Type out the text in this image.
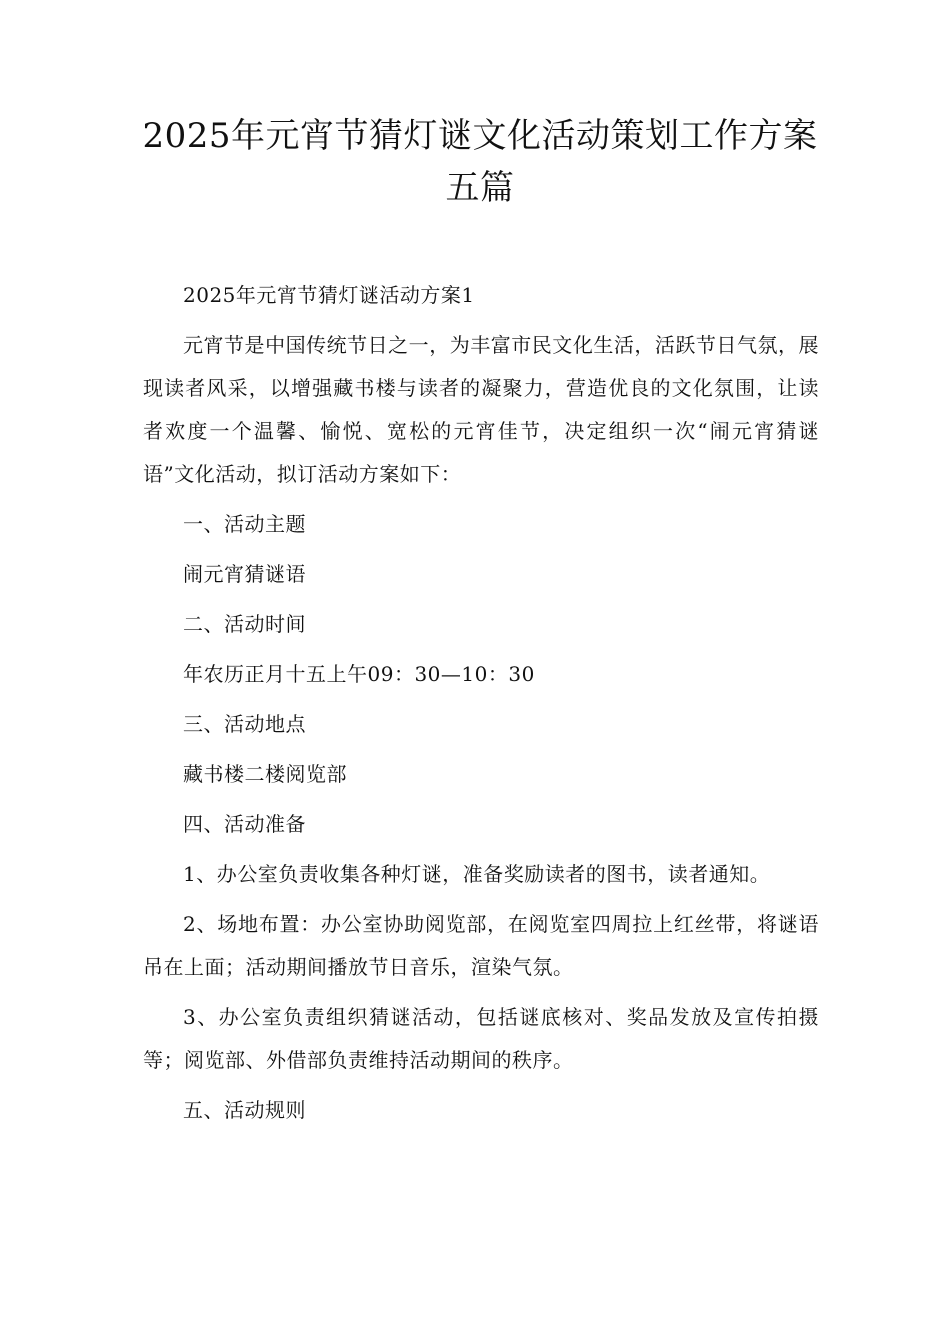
2025年元宵节猜灯谜文化活动策划工作方案
五篇

2025年元宵节猜灯谜活动方案1

元宵节是中国传统节日之一，为丰富市民文化生活，活跃节日气氛，展现读者风采，以增强藏书楼与读者的凝聚力，营造优良的文化氛围，让读者欢度一个温馨、愉悦、宽松的元宵佳节，决定组织一次“闹元宵猜谜语”文化活动，拟订活动方案如下：

一、活动主题

闹元宵猜谜语

二、活动时间

年农历正月十五上午09：30—10：30

三、活动地点

藏书楼二楼阅览部

四、活动准备

1、办公室负责收集各种灯谜，准备奖励读者的图书，读者通知。

2、场地布置：办公室协助阅览部，在阅览室四周拉上红丝带，将谜语吊在上面；活动期间播放节日音乐，渲染气氛。

3、办公室负责组织猜谜活动，包括谜底核对、奖品发放及宣传拍摄等；阅览部、外借部负责维持活动期间的秩序。

五、活动规则
